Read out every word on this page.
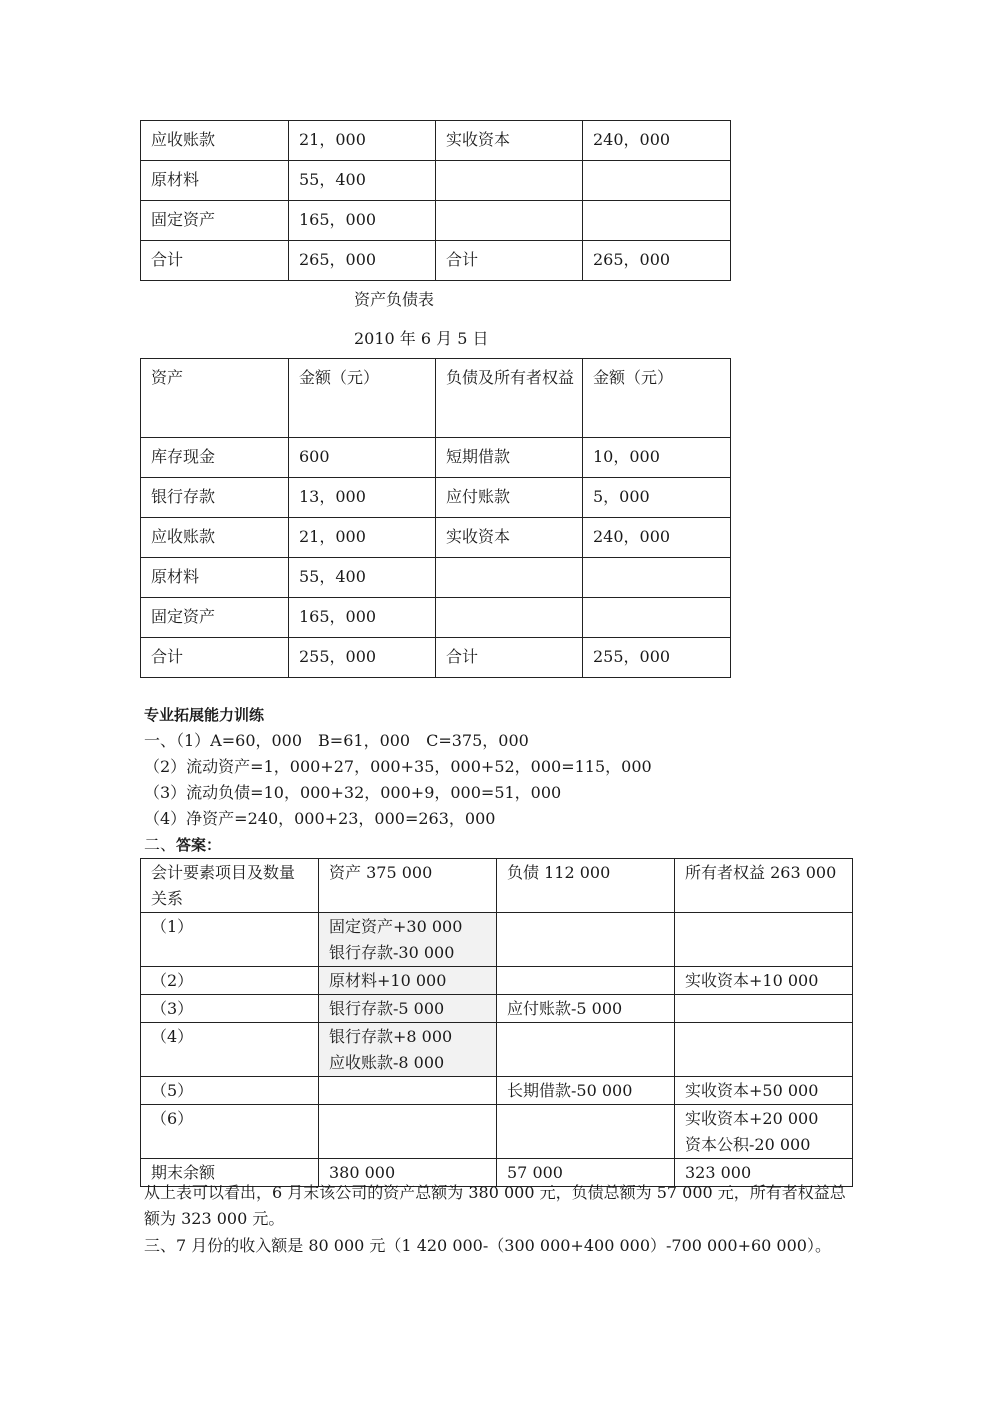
应收账款	21，000	实收资本	240，000
原材料	55，400		
固定资产	165，000		
合计	265，000	合计	265，000
资产负债表
2010 年 6 月 5 日
资产	金额（元）	负债及所有者权益	金额（元）
库存现金	600	短期借款	10，000
银行存款	13，000	应付账款	5，000
应收账款	21，000	实收资本	240，000
原材料	55，400		
固定资产	165，000		
合计	255，000	合计	255，000
专业拓展能力训练
一、（1）A=60，000　B=61，000　C=375，000
（2）流动资产=1，000+27，000+35，000+52，000=115，000
（3）流动负债=10，000+32，000+9，000=51，000
（4）净资产=240，000+23，000=263，000
二、答案：
会计要素项目及数量关系	资产 375 000	负债 112 000	所有者权益 263 000
（1）	固定资产+30 000
银行存款-30 000		

（2）	原材料+10 000		实收资本+10 000

（3）	银行存款-5 000	应付账款-5 000	

（4）	银行存款+8 000
应收账款-8 000		

（5）		长期借款-50 000	实收资本+50 000

（6）			实收资本+20 000
资本公积-20 000

期末余额	380 000	57 000	323 000
从上表可以看出，6 月末该公司的资产总额为 380 000 元，负债总额为 57 000 元，所有者权益总额为 323 000 元。
三、7 月份的收入额是 80 000 元（1 420 000-（300 000+400 000）-700 000+60 000）。
